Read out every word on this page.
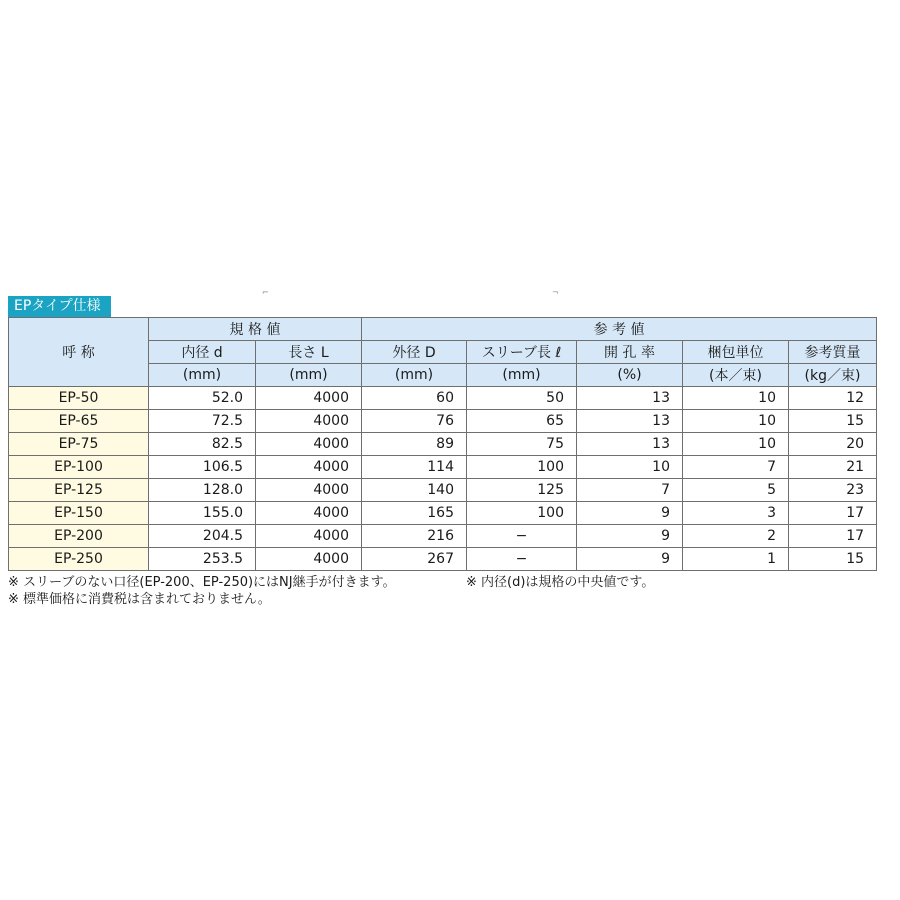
⌐	¬
EPタイプ仕様
呼 称	規 格 値		参 考 値				
	内径 d	長さ L	外径 D	スリーブ長 ℓ	開 孔 率	梱包単位	参考質量
	(mm)	(mm)	(mm)	(mm)	(%)	(本／束)	(kg／束)
EP-50	52.0	4000	60	50	13	10	12
EP-65	72.5	4000	76	65	13	10	15
EP-75	82.5	4000	89	75	13	10	20
EP-100	106.5	4000	114	100	10	7	21
EP-125	128.0	4000	140	125	7	5	23
EP-150	155.0	4000	165	100	9	3	17
EP-200	204.5	4000	216	−	9	2	17
EP-250	253.5	4000	267	−	9	1	15
※ スリーブのない口径(EP-200、EP-250)にはNJ継手が付きます。	※ 内径(d)は規格の中央値です。
※ 標準価格に消費税は含まれておりません。
